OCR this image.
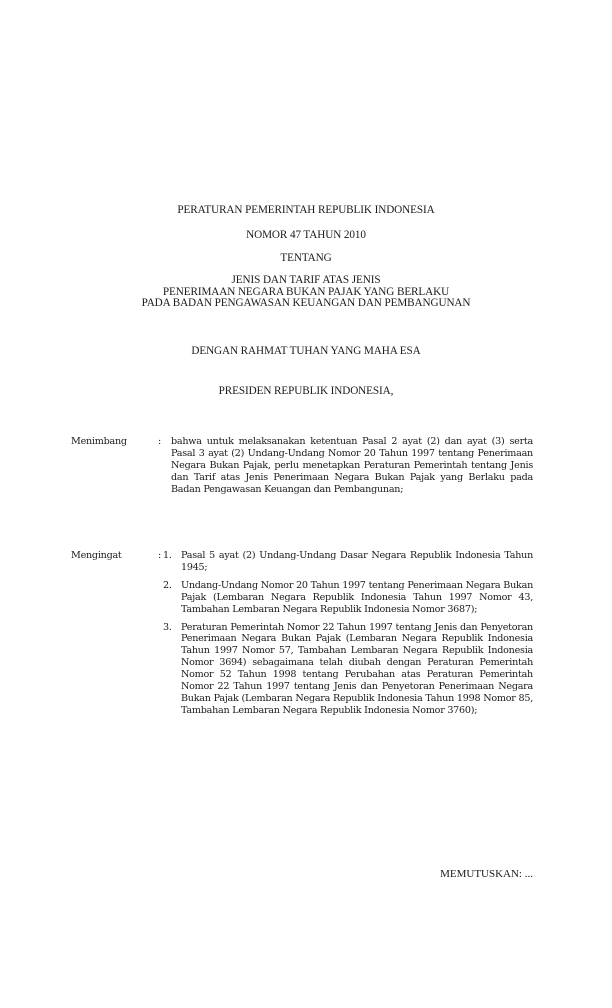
PERATURAN PEMERINTAH REPUBLIK INDONESIA
NOMOR 47 TAHUN 2010
TENTANG
JENIS DAN TARIF ATAS JENIS
PENERIMAAN NEGARA BUKAN PAJAK YANG BERLAKU
PADA BADAN PENGAWASAN KEUANGAN DAN PEMBANGUNAN
DENGAN RAHMAT TUHAN YANG MAHA ESA
PRESIDEN REPUBLIK INDONESIA,
Menimbang	: bahwa untuk melaksanakan ketentuan Pasal 2 ayat (2) dan ayat (3) serta Pasal 3 ayat (2) Undang-Undang Nomor 20 Tahun 1997 tentang Penerimaan Negara Bukan Pajak, perlu menetapkan Peraturan Pemerintah tentang Jenis dan Tarif atas Jenis Penerimaan Negara Bukan Pajak yang Berlaku pada Badan Pengawasan Keuangan dan Pembangunan;
Mengingat	: 1. Pasal 5 ayat (2) Undang-Undang Dasar Negara Republik Indonesia Tahun 1945;
2. Undang-Undang Nomor 20 Tahun 1997 tentang Penerimaan Negara Bukan Pajak (Lembaran Negara Republik Indonesia Tahun 1997 Nomor 43, Tambahan Lembaran Negara Republik Indonesia Nomor 3687);
3. Peraturan Pemerintah Nomor 22 Tahun 1997 tentang Jenis dan Penyetoran Penerimaan Negara Bukan Pajak (Lembaran Negara Republik Indonesia Tahun 1997 Nomor 57, Tambahan Lembaran Negara Republik Indonesia Nomor 3694) sebagaimana telah diubah dengan Peraturan Pemerintah Nomor 52 Tahun 1998 tentang Perubahan atas Peraturan Pemerintah Nomor 22 Tahun 1997 tentang Jenis dan Penyetoran Penerimaan Negara Bukan Pajak (Lembaran Negara Republik Indonesia Tahun 1998 Nomor 85, Tambahan Lembaran Negara Republik Indonesia Nomor 3760);
MEMUTUSKAN: ...
